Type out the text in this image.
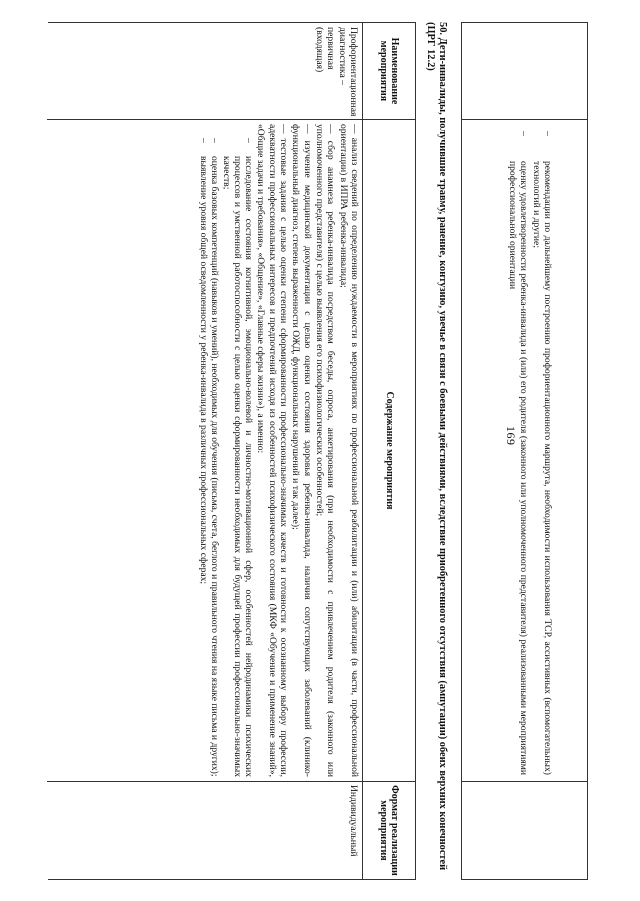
169
–
рекомендации по дальнейшему построению профориентационного маршрута, необходимости использования ТСР, ассистивных (вспомогательных) технологий и другие;
–
оценку удовлетворенности ребенка-инвалида и (или) его родителя (законного или уполномоченного представителя) реализованными мероприятиями профессиональной ориентации
50. Дети-инвалиды, получившие травму, ранение, контузию, увечье в связи с боевыми действиями, вследствие приобретенного отсутствия (ампутации) обеих верхних конечностей (ЦРГ 12.2)
Наименование мероприятия
Содержание мероприятия
Формат реализации мероприятия
Профориентационная диагностика – первичная (входящая)

— анализ сведений по определению нуждаемости в мероприятиях по профессиональной реабилитации и (или) абилитации (в части, профессиональной ориентации) в ИПРА ребенка-инвалида;

— сбор анамнеза ребенка-инвалида посредством беседы, опроса, анкетирования (при необходимости с привлечением родителя (законного или уполномоченного представителя) с целью выявления его психофизиологических особенностей;

— изучение медицинской документации с целью оценки состояния здоровья ребенка-инвалида, наличия сопутствующих заболеваний (клинико-функциональный диагноз, степень выраженности ОЖД, функциональных нарушений и так далее);

— тестовые задания с целью оценки степени сформированности профессионально-значимых качеств и готовности к осознанному выбору профессии, адекватности профессиональных интересов и предпочтений исходя из особенностей психофизического состояния (МКФ «Обучение и применение знаний», «Общие задачи и требования», «Общение», «Главные сферы жизни»), а именно:

–
исследование состояния когнитивной, эмоционально-волевой и личностно-мотивационной сфер, особенностей нейродинамики психических процессов и умственной работоспособности с целью оценки сформированности необходимых для будущей профессии профессионально-значимых качеств;
–
оценка базовых компетенций (навыков и умений), необходимых для обучения (письма, счета, беглого и правильного чтения на языке письма и других);
–
выявление уровня общей осведомленности у ребенка-инвалида в различных профессиональных сферах;
Индивидуальный
